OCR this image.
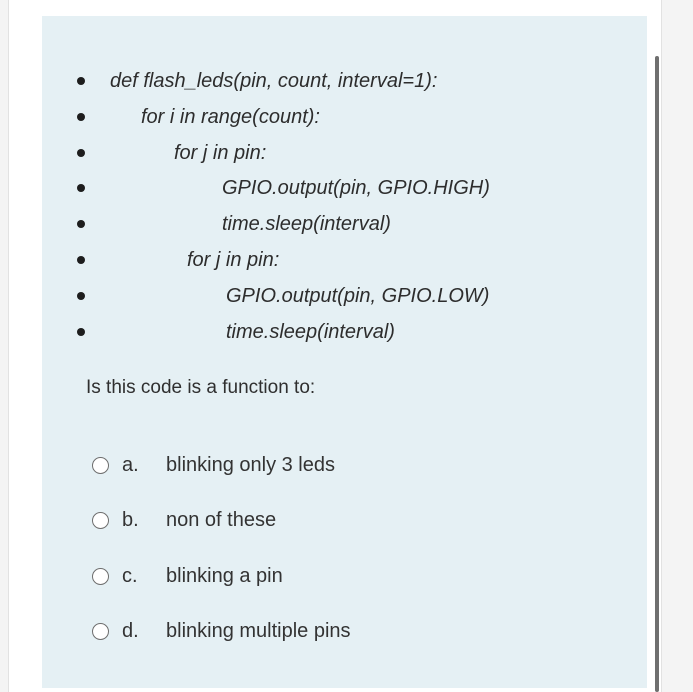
def flash_leds(pin, count, interval=1):
for i in range(count):
for j in pin:
GPIO.output(pin, GPIO.HIGH)
time.sleep(interval)
for j in pin:
GPIO.output(pin, GPIO.LOW)
time.sleep(interval)
Is this code is a function to:
a. blinking only 3 leds
b. non of these
c. blinking a pin
d. blinking multiple pins
